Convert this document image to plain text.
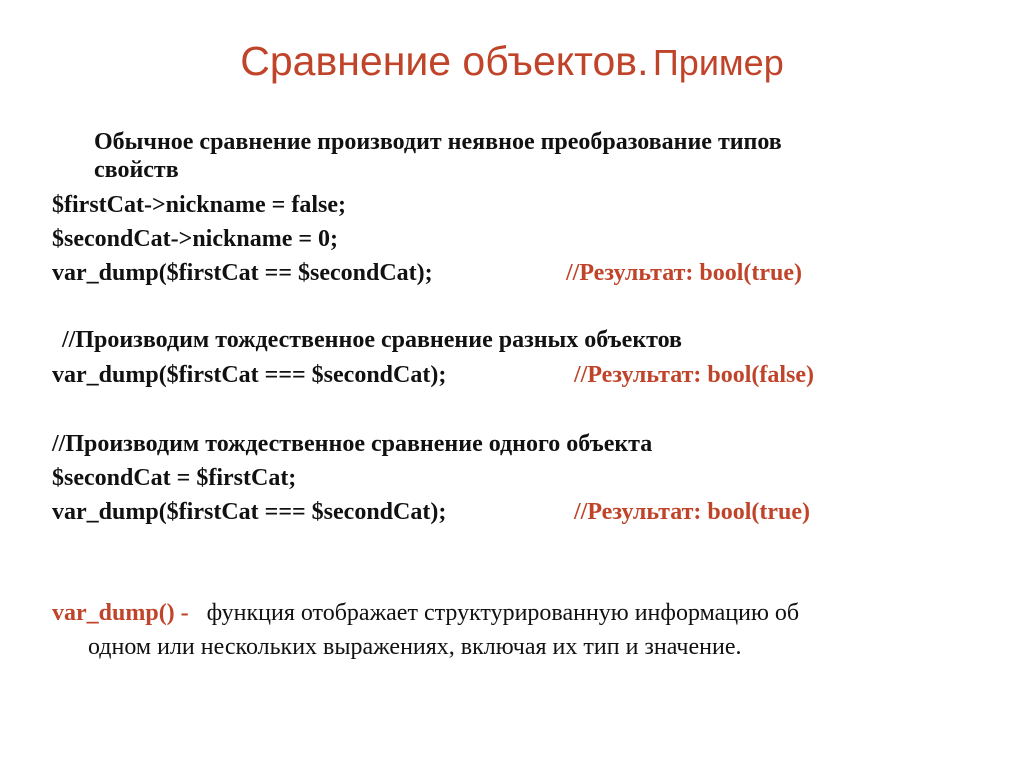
Сравнение объектов. Пример
Обычное сравнение производит неявное преобразование типов
свойств
$firstCat->nickname = false;
$secondCat->nickname = 0;
var_dump($firstCat == $secondCat);	//Результат: bool(true)
//Производим тождественное сравнение разных объектов
var_dump($firstCat === $secondCat);	//Результат: bool(false)
//Производим тождественное сравнение одного объекта
$secondCat = $firstCat;
var_dump($firstCat === $secondCat);	//Результат: bool(true)
var_dump() - функция отображает структурированную информацию об
одном или нескольких выражениях, включая их тип и значение.
